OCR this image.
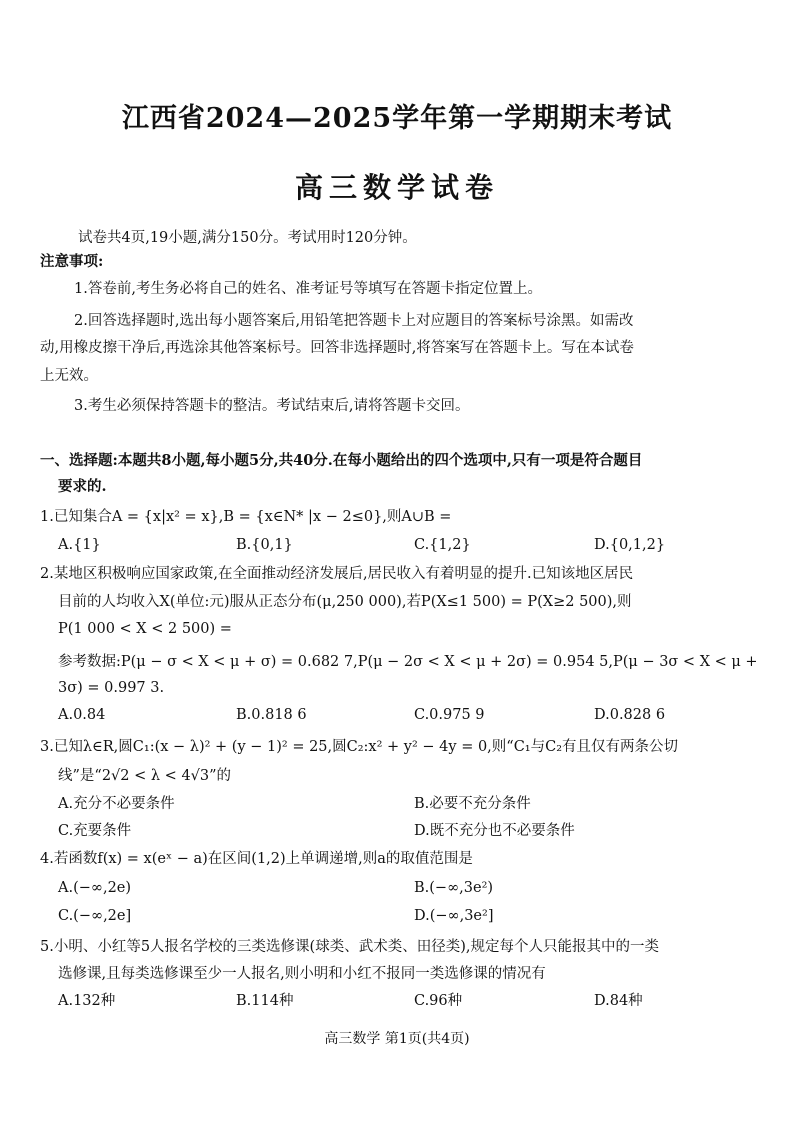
江西省2024—2025学年第一学期期末考试
高三数学试卷
试卷共4页,19小题,满分150分。考试用时120分钟。
注意事项:
1.答卷前,考生务必将自己的姓名、准考证号等填写在答题卡指定位置上。
2.回答选择题时,选出每小题答案后,用铅笔把答题卡上对应题目的答案标号涂黑。如需改
动,用橡皮擦干净后,再选涂其他答案标号。回答非选择题时,将答案写在答题卡上。写在本试卷
上无效。
3.考生必须保持答题卡的整洁。考试结束后,请将答题卡交回。
一、选择题:本题共8小题,每小题5分,共40分.在每小题给出的四个选项中,只有一项是符合题目
要求的.
1.已知集合A = {x|x² = x},B = {x∈N* |x − 2≤0},则A∪B =
A.{1}	B.{0,1}	C.{1,2}	D.{0,1,2}
2.某地区积极响应国家政策,在全面推动经济发展后,居民收入有着明显的提升.已知该地区居民
目前的人均收入X(单位:元)服从正态分布(μ,250 000),若P(X≤1 500) = P(X≥2 500),则
P(1 000 < X < 2 500) =
参考数据:P(μ − σ < X < μ + σ) = 0.682 7,P(μ − 2σ < X < μ + 2σ) = 0.954 5,P(μ − 3σ < X < μ +
3σ) = 0.997 3.
A.0.84	B.0.818 6	C.0.975 9	D.0.828 6
3.已知λ∈R,圆C₁:(x − λ)² + (y − 1)² = 25,圆C₂:x² + y² − 4y = 0,则“C₁与C₂有且仅有两条公切
线”是“2√2 < λ < 4√3”的
A.充分不必要条件	B.必要不充分条件
C.充要条件	D.既不充分也不必要条件
4.若函数f(x) = x(eˣ − a)在区间(1,2)上单调递增,则a的取值范围是
A.(−∞,2e)	B.(−∞,3e²)
C.(−∞,2e]	D.(−∞,3e²]
5.小明、小红等5人报名学校的三类选修课(球类、武术类、田径类),规定每个人只能报其中的一类
选修课,且每类选修课至少一人报名,则小明和小红不报同一类选修课的情况有
A.132种	B.114种	C.96种	D.84种
高三数学 第1页(共4页)
